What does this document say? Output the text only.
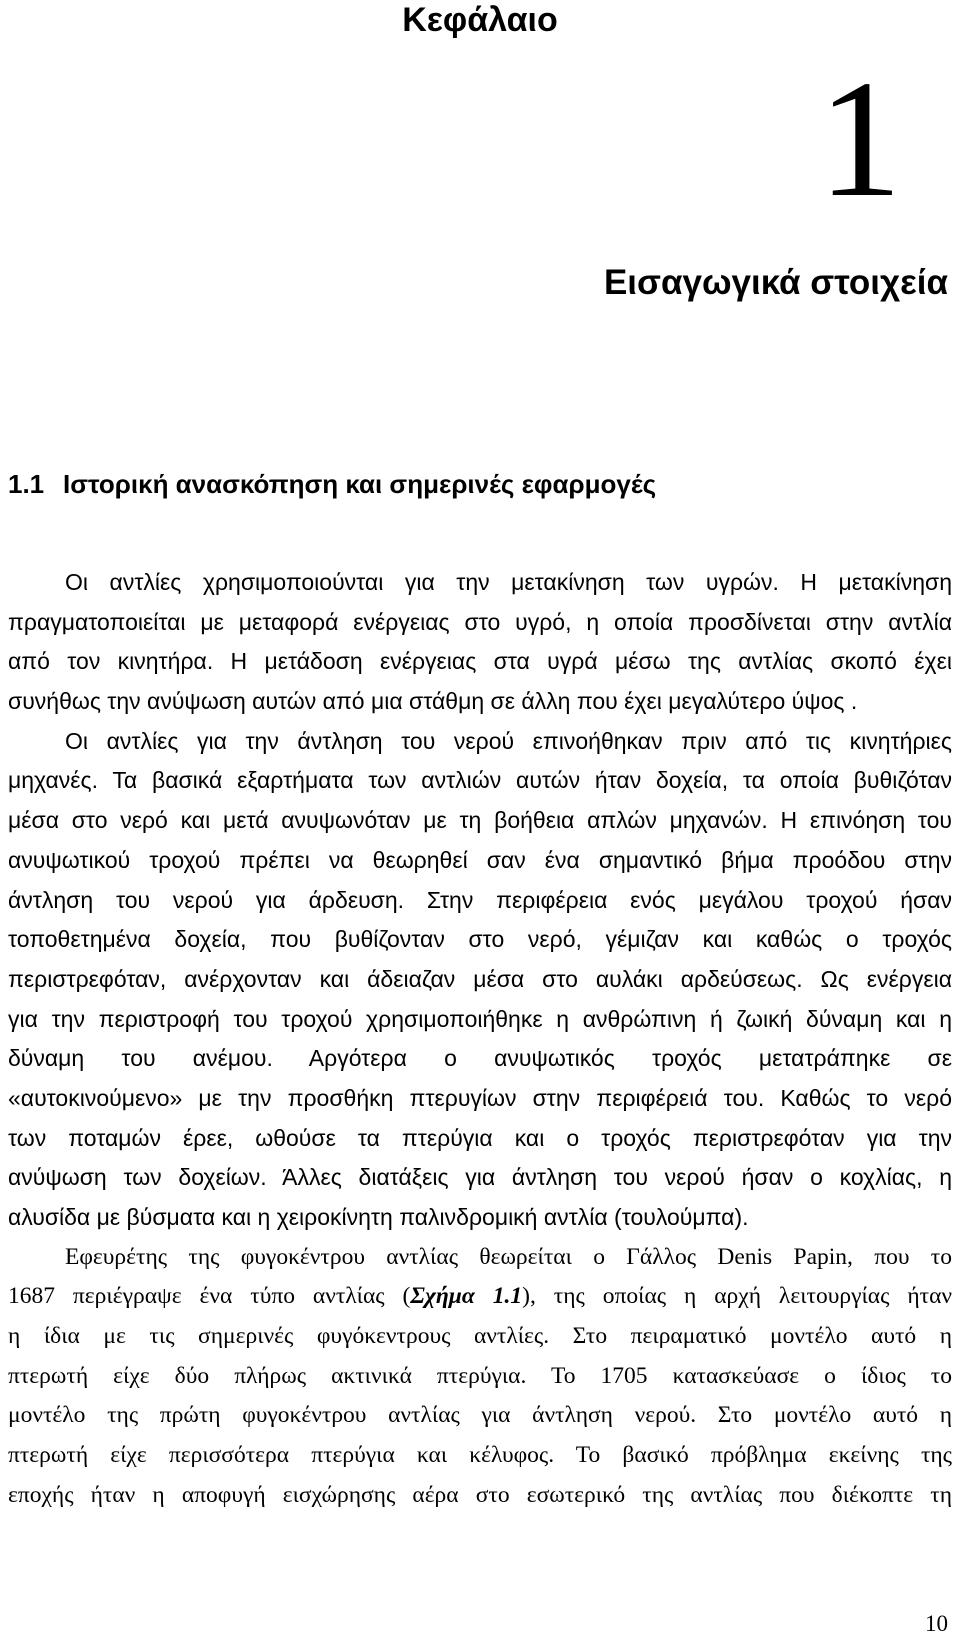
Κεφάλαιο
1
Εισαγωγικά στοιχεία
1.1 Ιστορική ανασκόπηση και σημερινές εφαρμογές
Οι αντλίες χρησιμοποιούνται για την μετακίνηση των υγρών. Η μετακίνηση
πραγματοποιείται με μεταφορά ενέργειας στο υγρό, η οποία προσδίνεται στην αντλία
από τον κινητήρα. Η μετάδοση ενέργειας στα υγρά μέσω της αντλίας σκοπό έχει
συνήθως την ανύψωση αυτών από μια στάθμη σε άλλη που έχει μεγαλύτερο ύψος .
Οι αντλίες για την άντληση του νερού επινοήθηκαν πριν από τις κινητήριες
μηχανές. Τα βασικά εξαρτήματα των αντλιών αυτών ήταν δοχεία, τα οποία βυθιζόταν
μέσα στο νερό και μετά ανυψωνόταν με τη βοήθεια απλών μηχανών. Η επινόηση του
ανυψωτικού τροχού πρέπει να θεωρηθεί σαν ένα σημαντικό βήμα προόδου στην
άντληση του νερού για άρδευση. Στην περιφέρεια ενός μεγάλου τροχού ήσαν
τοποθετημένα δοχεία, που βυθίζονταν στο νερό, γέμιζαν και καθώς ο τροχός
περιστρεφόταν, ανέρχονταν και άδειαζαν μέσα στο αυλάκι αρδεύσεως. Ως ενέργεια
για την περιστροφή του τροχού χρησιμοποιήθηκε η ανθρώπινη ή ζωική δύναμη και η
δύναμη του ανέμου. Αργότερα ο ανυψωτικός τροχός μετατράπηκε σε
«αυτοκινούμενο» με την προσθήκη πτερυγίων στην περιφέρειά του. Καθώς το νερό
των ποταμών έρεε, ωθούσε τα πτερύγια και ο τροχός περιστρεφόταν για την
ανύψωση των δοχείων. Άλλες διατάξεις για άντληση του νερού ήσαν ο κοχλίας, η
αλυσίδα με βύσματα και η χειροκίνητη παλινδρομική αντλία (τουλούμπα).
Εφευρέτης της φυγοκέντρου αντλίας θεωρείται ο Γάλλος Denis Papin, που το
1687 περιέγραψε ένα τύπο αντλίας (Σχήμα 1.1), της οποίας η αρχή λειτουργίας ήταν
η ίδια με τις σημερινές φυγόκεντρους αντλίες. Στο πειραματικό μοντέλο αυτό η
πτερωτή είχε δύο πλήρως ακτινικά πτερύγια. Το 1705 κατασκεύασε ο ίδιος το
μοντέλο της πρώτη φυγοκέντρου αντλίας για άντληση νερού. Στο μοντέλο αυτό η
πτερωτή είχε περισσότερα πτερύγια και κέλυφος. Το βασικό πρόβλημα εκείνης της
εποχής ήταν η αποφυγή εισχώρησης αέρα στο εσωτερικό της αντλίας που διέκοπτε τη
10
